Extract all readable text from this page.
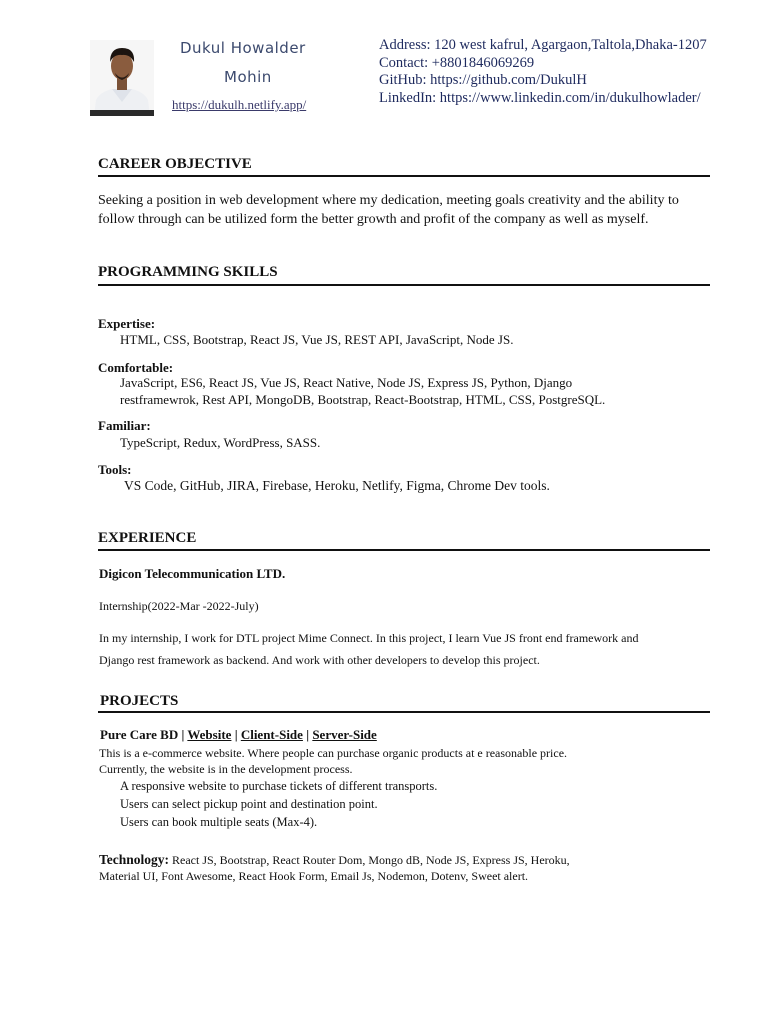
Dukul Howalder
Mohin
https://dukulh.netlify.app/
Address: 120 west kafrul, Agargaon,Taltola,Dhaka-1207
Contact: +8801846069269
GitHub: https://github.com/DukulH
LinkedIn: https://www.linkedin.com/in/dukulhowlader/
CAREER OBJECTIVE
Seeking a position in web development where my dedication, meeting goals creativity and the ability to follow through can be utilized form the better growth and profit of the company as well as myself.
PROGRAMMING SKILLS
Expertise:
HTML, CSS, Bootstrap, React JS, Vue JS, REST API, JavaScript, Node JS.
Comfortable:
JavaScript, ES6, React JS, Vue JS, React Native, Node JS, Express JS, Python, Django
restframewrok, Rest API, MongoDB, Bootstrap, React-Bootstrap, HTML, CSS, PostgreSQL.
Familiar:
TypeScript, Redux, WordPress, SASS.
Tools:
VS Code, GitHub, JIRA, Firebase, Heroku, Netlify, Figma, Chrome Dev tools.
EXPERIENCE
Digicon Telecommunication LTD.
Internship(2022-Mar -2022-July)
In my internship, I work for DTL project Mime Connect. In this project, I learn Vue JS front end framework and
Django rest framework as backend. And work with other developers to develop this project.
PROJECTS
Pure Care BD | Website | Client-Side | Server-Side
This is a e-commerce website. Where people can purchase organic products at e reasonable price.
Currently, the website is in the development process.
A responsive website to purchase tickets of different transports.
Users can select pickup point and destination point.
Users can book multiple seats (Max-4).
Technology: React JS, Bootstrap, React Router Dom, Mongo dB, Node JS, Express JS, Heroku,
Material UI, Font Awesome, React Hook Form, Email Js, Nodemon, Dotenv, Sweet alert.
